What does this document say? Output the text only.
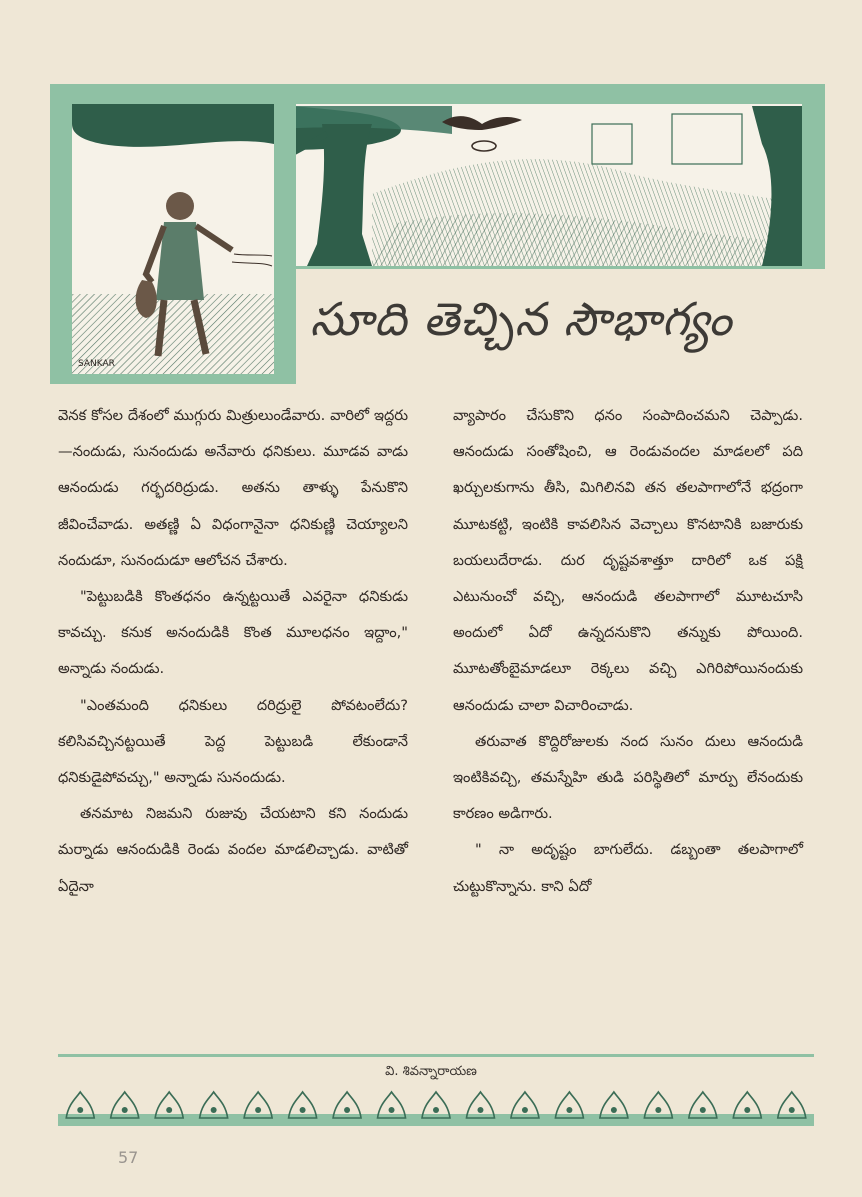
SANKAR
సూది తెచ్చిన సౌభాగ్యం

వెనక కోసల దేశంలో ముగ్గురు మిత్రులుండేవారు. వారిలో ఇద్దరు—నందుడు, సునందుడు అనేవారు ధనికులు. మూడవ వాడు ఆనందుడు గర్భదరిద్రుడు. అతను తాళ్ళు పేనుకొని జీవించేవాడు. అతణ్ణి ఏ విధంగానైనా ధనికుణ్ణి చెయ్యాలని నందుడూ, సునందుడూ ఆలోచన చేశారు.

"పెట్టుబడికి కొంతధనం ఉన్నట్టయితే ఎవరైనా ధనికుడు కావచ్చు. కనుక అనందుడికి కొంత మూలధనం ఇద్దాం," అన్నాడు నందుడు.

"ఎంతమంది ధనికులు దరిద్రులై పోవటంలేదు? కలిసివచ్చినట్టయితే పెద్ద పెట్టుబడి లేకుండానే ధనికుడైపోవచ్చు," అన్నాడు సునందుడు.

తనమాట నిజమని రుజువు చేయటాని కని నందుడు మర్నాడు ఆనందుడికి రెండు వందల మాడలిచ్చాడు. వాటితో ఏదైనా

వ్యాపారం చేసుకొని ధనం సంపాదించమని చెప్పాడు. ఆనందుడు సంతోషించి, ఆ రెండువందల మాడలలో పది ఖర్చులకుగాను తీసి, మిగిలినవి తన తలపాగాలోనే భద్రంగా మూటకట్టి, ఇంటికి కావలిసిన వెచ్చాలు కొనటానికి బజారుకు బయలుదేరాడు. దుర దృష్టవశాత్తూ దారిలో ఒక పక్షి ఎటునుంచో వచ్చి, ఆనందుడి తలపాగాలో మూటచూసి అందులో ఏదో ఉన్నదనుకొని తన్నుకు పోయింది. మూటతోంబైమాడలూ రెక్కలు వచ్చి ఎగిరిపోయినందుకు ఆనందుడు చాలా విచారించాడు.

తరువాత కొద్దిరోజులకు నంద సునం దులు ఆనందుడి ఇంటికివచ్చి, తమస్నేహి తుడి పరిస్థితిలో మార్పు లేనందుకు కారణం అడిగారు.

" నా అదృష్టం బాగులేదు. డబ్బంతా తలపాగాలో చుట్టుకొన్నాను. కాని ఏదో

వి. శివన్నారాయణ
57
